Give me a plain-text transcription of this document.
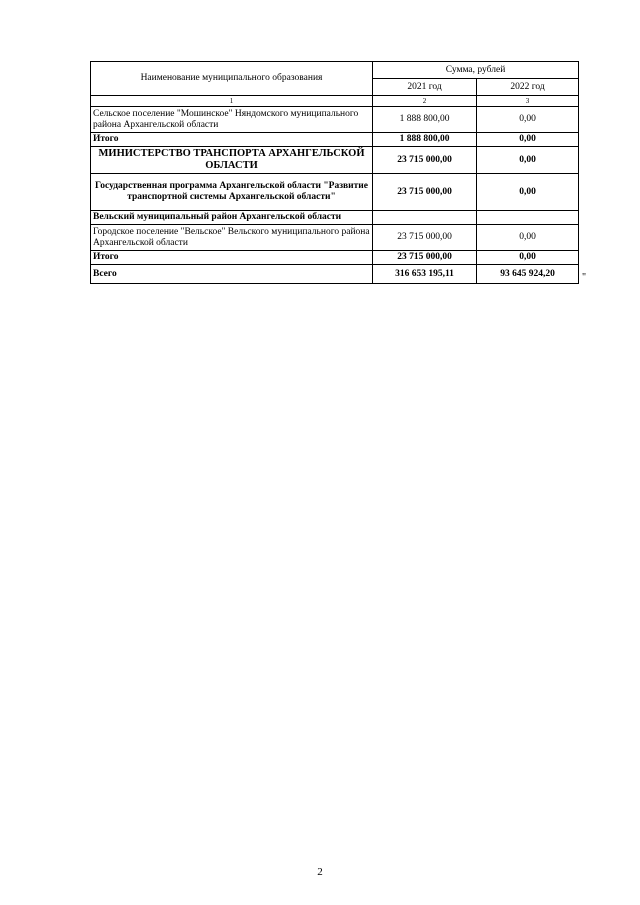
Наименование муниципального образования	Сумма, рублей	
	2021 год	2022 год
1	2	3
Сельское поселение "Мошинское" Няндомского муниципального района Архангельской области	1 888 800,00	0,00
Итого	1 888 800,00	0,00
МИНИСТЕРСТВО ТРАНСПОРТА АРХАНГЕЛЬСКОЙ ОБЛАСТИ	23 715 000,00	0,00
Государственная программа Архангельской области "Развитие транспортной системы Архангельской области"	23 715 000,00	0,00
Вельский муниципальный район Архангельской области		
Городское поселение "Вельское" Вельского муниципального района Архангельской области	23 715 000,00	0,00
Итого	23 715 000,00	0,00
Всего	316 653 195,11	93 645 924,20	"
2
